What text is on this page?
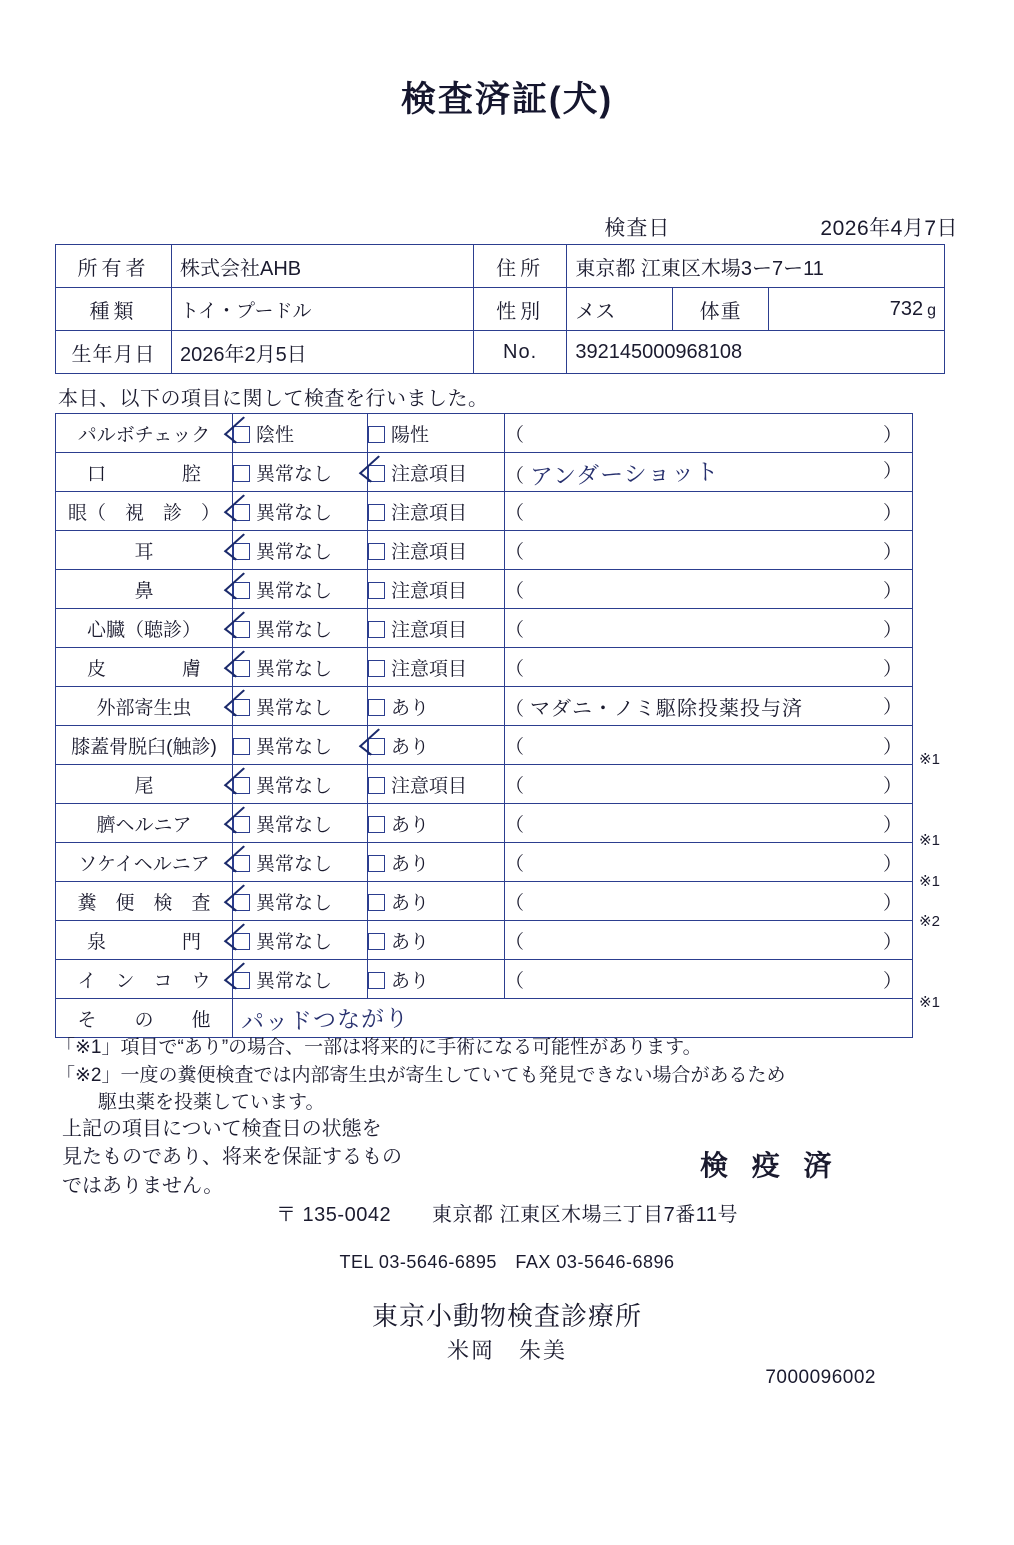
検査済証(犬)
検査日	2026年4月7日
所有者	株式会社AHB	住所	東京都 江東区木場3ー7ー11		
種類	トイ・プードル	性別	メス	体重	732 g
生年月日	2026年2月5日	No.	392145000968108		
本日、以下の項目に関して検査を行いました。
パルボチェック	陰性	陽性	（ ）

口　　　　腔	異常なし	注意項目	（ アンダーショット ）

眼（　視　診　）	異常なし	注意項目	（ ）

耳	異常なし	注意項目	（ ）

鼻	異常なし	注意項目	（ ）

心臓（聴診）	異常なし	注意項目	（ ）

皮　　　　膚	異常なし	注意項目	（ ）

外部寄生虫	異常なし	あり	（ マダニ・ノミ駆除投薬投与済 ）

膝蓋骨脱臼(触診)	異常なし	あり	（ ）

尾	異常なし	注意項目	（ ）

臍ヘルニア	異常なし	あり	（ ）

ソケイヘルニア	異常なし	あり	（ ）

糞　便　検　査	異常なし	あり	（ ）

泉　　　　門	異常なし	あり	（ ）

イ　ン　コ　ウ	異常なし	あり	（ ）

そ　　の　　他	パッドつながり		
「※1」項目で“あり”の場合、一部は将来的に手術になる可能性があります。
「※2」一度の糞便検査では内部寄生虫が寄生していても発見できない場合があるため
駆虫薬を投薬しています。
上記の項目について検査日の状態を
見たものであり、将来を保証するもの
ではありません。
検 疫 済
〒 135-0042　　東京都 江東区木場三丁目7番11号
TEL 03-5646-6895　FAX 03-5646-6896
東京小動物検査診療所
米岡　朱美
7000096002
※1
※1
※1
※2
※1
